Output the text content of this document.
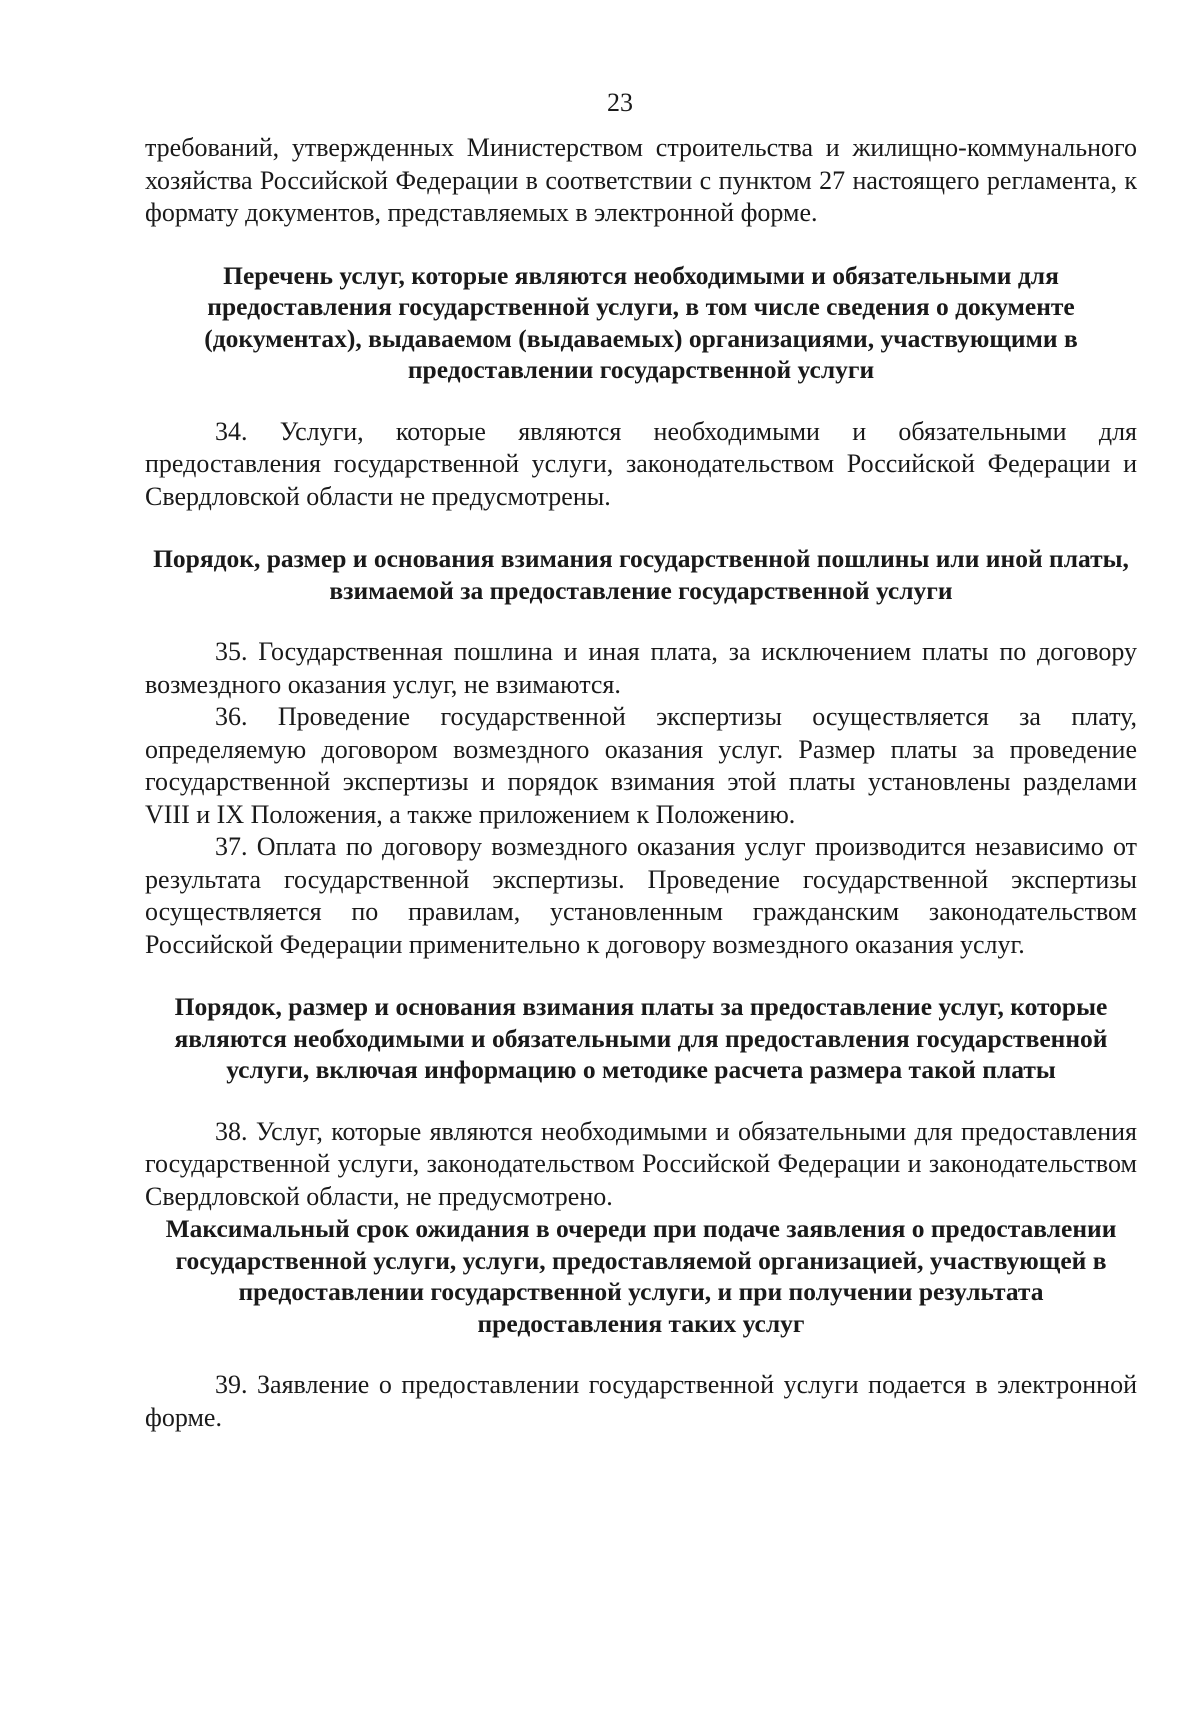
23

требований, утвержденных Министерством строительства и жилищно-коммунального хозяйства Российской Федерации в соответствии с пунктом 27 настоящего регламента, к формату документов, представляемых в электронной форме.

Перечень услуг, которые являются необходимыми и обязательными для предоставления государственной услуги, в том числе сведения о документе (документах), выдаваемом (выдаваемых) организациями, участвующими в предоставлении государственной услуги

34. Услуги, которые являются необходимыми и обязательными для предоставления государственной услуги, законодательством Российской Федерации и Свердловской области не предусмотрены.

Порядок, размер и основания взимания государственной пошлины или иной платы, взимаемой за предоставление государственной услуги

35. Государственная пошлина и иная плата, за исключением платы по договору возмездного оказания услуг, не взимаются.

36. Проведение государственной экспертизы осуществляется за плату, определяемую договором возмездного оказания услуг. Размер платы за проведение государственной экспертизы и порядок взимания этой платы установлены разделами VIII и IX Положения, а также приложением к Положению.

37. Оплата по договору возмездного оказания услуг производится независимо от результата государственной экспертизы. Проведение государственной экспертизы осуществляется по правилам, установленным гражданским законодательством Российской Федерации применительно к договору возмездного оказания услуг.

Порядок, размер и основания взимания платы за предоставление услуг, которые являются необходимыми и обязательными для предоставления государственной услуги, включая информацию о методике расчета размера такой платы

38. Услуг, которые являются необходимыми и обязательными для предоставления государственной услуги, законодательством Российской Федерации и законодательством Свердловской области, не предусмотрено.

Максимальный срок ожидания в очереди при подаче заявления о предоставлении государственной услуги, услуги, предоставляемой организацией, участвующей в предоставлении государственной услуги, и при получении результата предоставления таких услуг

39. Заявление о предоставлении государственной услуги подается в электронной форме.
